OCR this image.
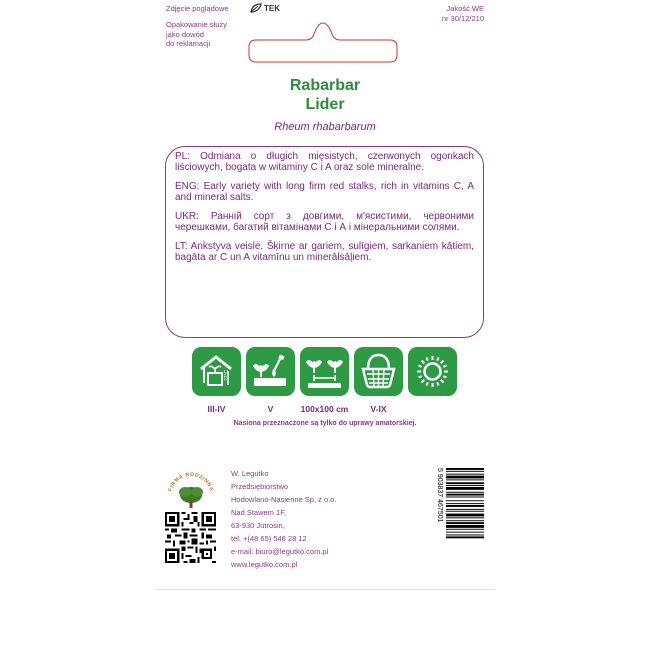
Zdjęcie poglądowe	TEK
Opakowanie służy
jako dowód
do reklamacji
Jakość WE
nr 30/12/210
Rabarbar
Lider
Rheum rhabarbarum

PL: Odmiana o długich mięsistych, czerwonych ogonkach liściowych, bogata w witaminy C i A oraz sole mineralne.

ENG: Early variety with long firm red stalks, rich in vitamins C, A and mineral salts.

UKR: Ранній сорт з довгими, м'ясистими, червоними черешками, багатий вітамінами С і А і мінеральними солями.

LT: Ankstyva veislė. Šķirne ar gariem, sulīgiem, sarkaniem kātiem, bagāta ar C un A vitamīnu un minerālsāļiem.

22°C
III-IV	V	100x100 cm	V-IX
Nasiona przeznaczone są tylko do uprawy amatorskiej.
FIRMA RODZINNA
W. Legutko
Przedsiębiorstwo
Hodowlano-Nasienne Sp. z o.o.
Nad Stawem 1F,
63-930 Jutrosin,
tel. +(48 65) 548 28 12
e-mail: biuro@legutko.com.pl
www.legutko.com.pl
5 903837 467501
